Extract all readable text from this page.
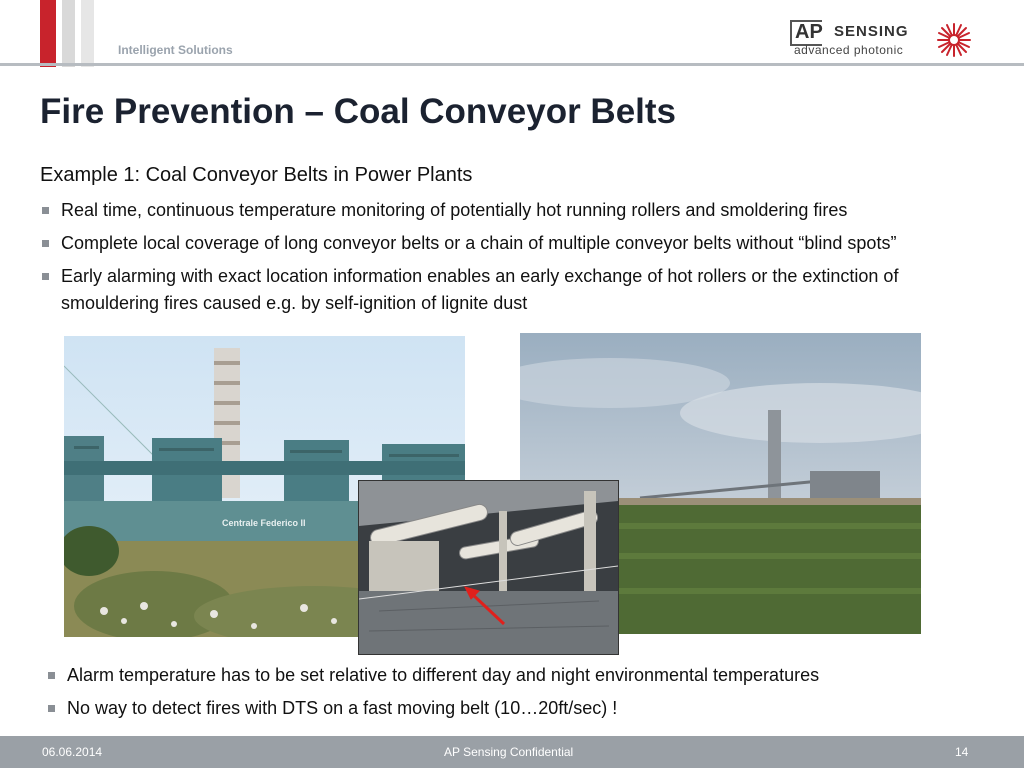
Intelligent Solutions
AP SENSING
advanced photonic
Fire Prevention – Coal Conveyor Belts
Example 1: Coal Conveyor Belts in Power Plants
Real time, continuous temperature monitoring of potentially hot running rollers and smoldering fires
Complete local coverage of long conveyor belts or a chain of multiple conveyor belts without “blind spots”
Early alarming with exact location information enables an early exchange of hot rollers or the extinction of smouldering fires caused e.g. by self-ignition of lignite dust
Centrale Federico II
Alarm temperature has to be set relative to different day and night environmental temperatures
No way to detect fires with DTS on a fast moving belt (10…20ft/sec) !
06.06.2014	AP Sensing Confidential	14
